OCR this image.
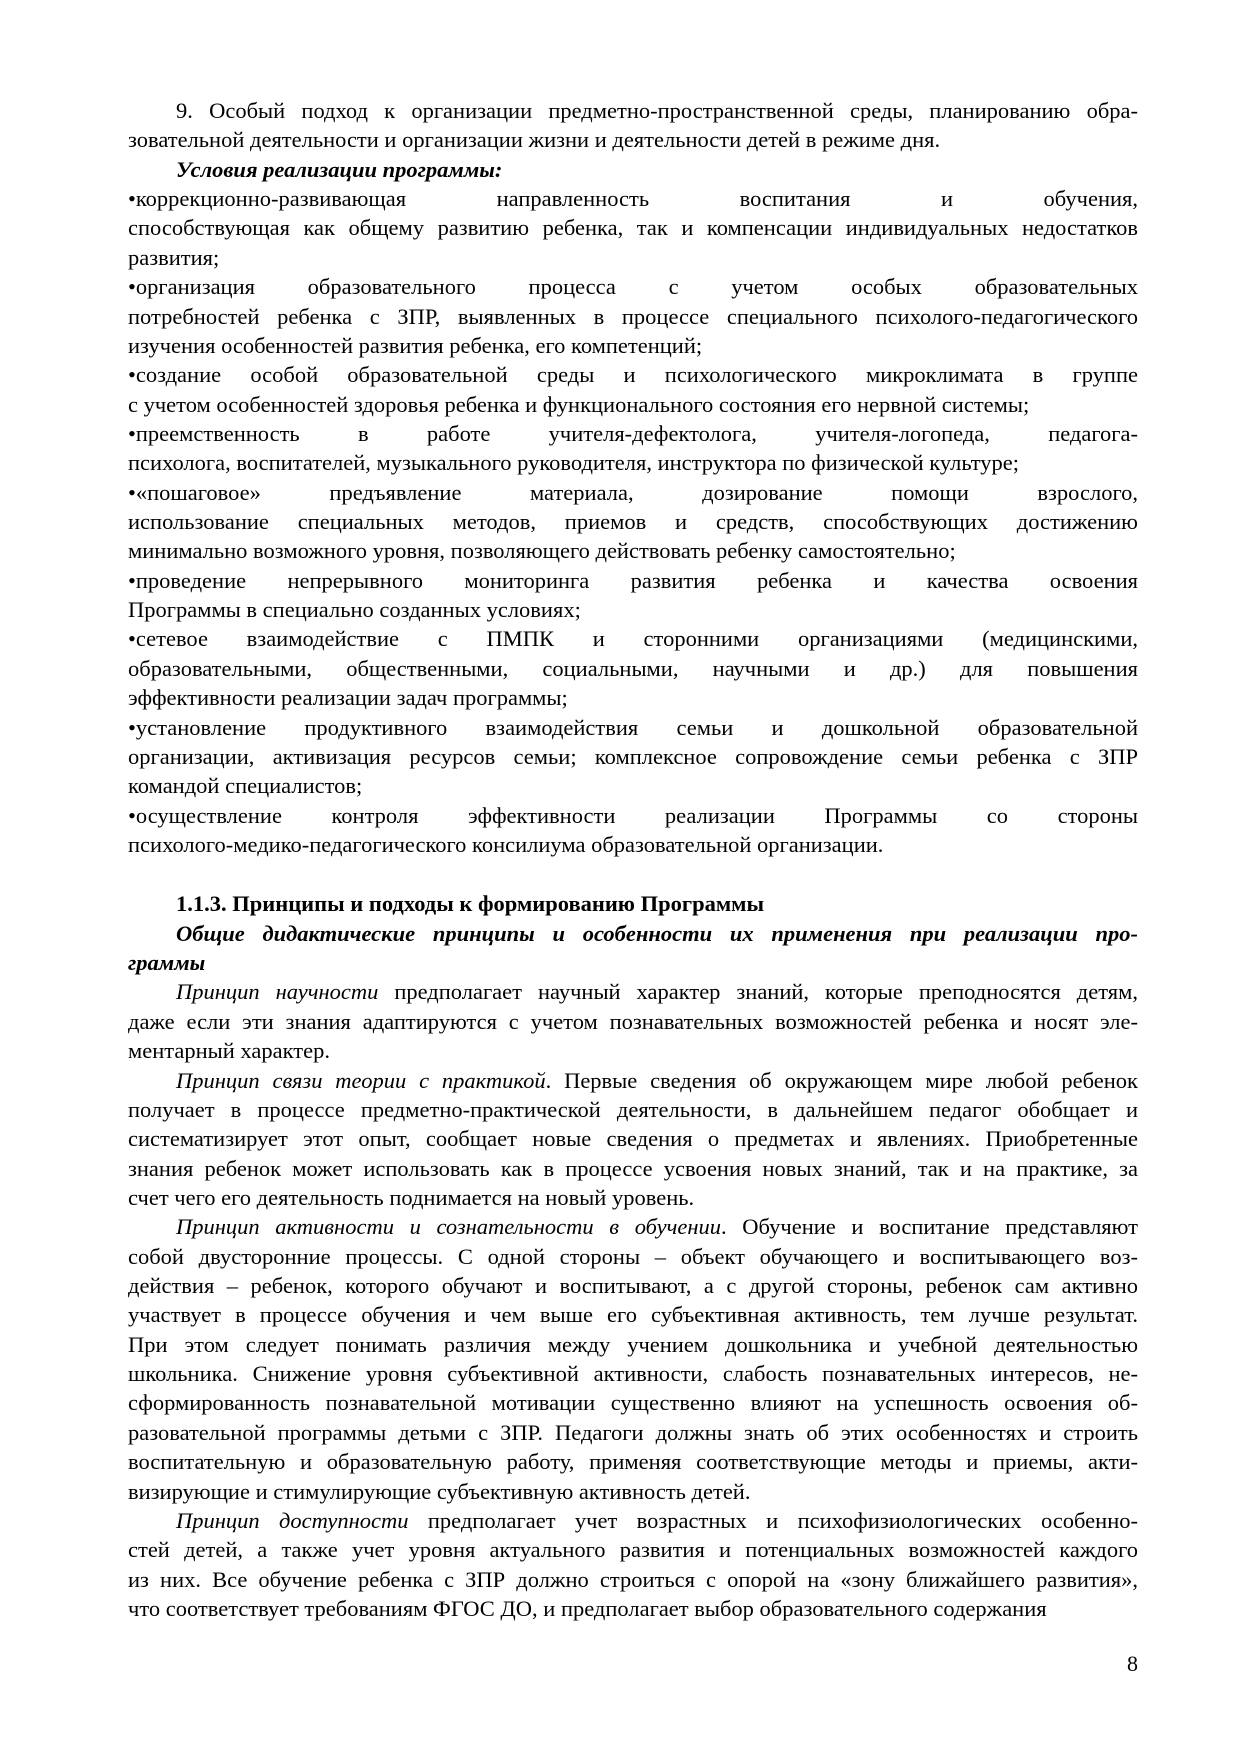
9. Особый подход к организации предметно-пространственной среды, планированию обра-
зовательной деятельности и организации жизни и деятельности детей в режиме дня.
Условия реализации программы:
•коррекционно-развивающая направленность воспитания и обучения,
способствующая как общему развитию ребенка, так и компенсации индивидуальных недостатков
развития;
•организация образовательного процесса с учетом особых образовательных
потребностей ребенка с ЗПР, выявленных в процессе специального психолого-педагогического
изучения особенностей развития ребенка, его компетенций;
•создание особой образовательной среды и психологического микроклимата в группе
с учетом особенностей здоровья ребенка и функционального состояния его нервной системы;
•преемственность в работе учителя-дефектолога, учителя-логопеда, педагога-
психолога, воспитателей, музыкального руководителя, инструктора по физической культуре;
•«пошаговое» предъявление материала, дозирование помощи взрослого,
использование специальных методов, приемов и средств, способствующих достижению
минимально возможного уровня, позволяющего действовать ребенку самостоятельно;
•проведение непрерывного мониторинга развития ребенка и качества освоения
Программы в специально созданных условиях;
•сетевое взаимодействие с ПМПК и сторонними организациями (медицинскими,
образовательными, общественными, социальными, научными и др.) для повышения
эффективности реализации задач программы;
•установление продуктивного взаимодействия семьи и дошкольной образовательной
организации, активизация ресурсов семьи; комплексное сопровождение семьи ребенка с ЗПР
командой специалистов;
•осуществление контроля эффективности реализации Программы со стороны
психолого-медико-педагогического консилиума образовательной организации.
1.1.3. Принципы и подходы к формированию Программы
Общие дидактические принципы и особенности их применения при реализации про-
граммы
Принцип научности предполагает научный характер знаний, которые преподносятся детям,
даже если эти знания адаптируются с учетом познавательных возможностей ребенка и носят эле-
ментарный характер.
Принцип связи теории с практикой. Первые сведения об окружающем мире любой ребенок
получает в процессе предметно-практической деятельности, в дальнейшем педагог обобщает и
систематизирует этот опыт, сообщает новые сведения о предметах и явлениях. Приобретенные
знания ребенок может использовать как в процессе усвоения новых знаний, так и на практике, за
счет чего его деятельность поднимается на новый уровень.
Принцип активности и сознательности в обучении. Обучение и воспитание представляют
собой двусторонние процессы. С одной стороны – объект обучающего и воспитывающего воз-
действия – ребенок, которого обучают и воспитывают, а с другой стороны, ребенок сам активно
участвует в процессе обучения и чем выше его субъективная активность, тем лучше результат.
При этом следует понимать различия между учением дошкольника и учебной деятельностью
школьника. Снижение уровня субъективной активности, слабость познавательных интересов, не-
сформированность познавательной мотивации существенно влияют на успешность освоения об-
разовательной программы детьми с ЗПР. Педагоги должны знать об этих особенностях и строить
воспитательную и образовательную работу, применяя соответствующие методы и приемы, акти-
визирующие и стимулирующие субъективную активность детей.
Принцип доступности предполагает учет возрастных и психофизиологических особенно-
стей детей, а также учет уровня актуального развития и потенциальных возможностей каждого
из них. Все обучение ребенка с ЗПР должно строиться с опорой на «зону ближайшего развития»,
что соответствует требованиям ФГОС ДО, и предполагает выбор образовательного содержания
8
